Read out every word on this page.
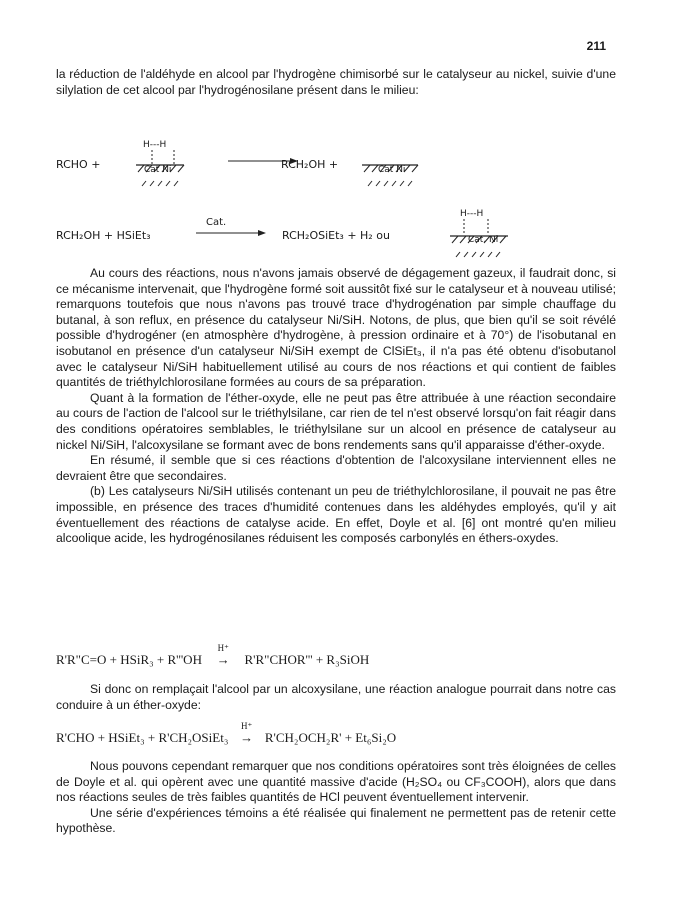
211

la réduction de l'aldéhyde en alcool par l'hydrogène chimisorbé sur le catalyseur au nickel, suivie d'une silylation de cet alcool par l'hydrogénosilane présent dans le milieu:

RCHO +
H---H
Cat Ni	RCH₂OH +	Cat Ni
RCH₂OH + HSiEt₃
Cat.
RCH₂OSiEt₃ + H₂ ou
H---H
Cat. Ni

Au cours des réactions, nous n'avons jamais observé de dégagement gazeux, il faudrait donc, si ce mécanisme intervenait, que l'hydrogène formé soit aussitôt fixé sur le catalyseur et à nouveau utilisé; remarquons toutefois que nous n'avons pas trouvé trace d'hydrogénation par simple chauffage du butanal, à son reflux, en présence du catalyseur Ni/SiH. Notons, de plus, que bien qu'il se soit révélé possible d'hydrogéner (en atmosphère d'hydrogène, à pression ordinaire et à 70°) de l'isobutanal en isobutanol en présence d'un catalyseur Ni/SiH exempt de ClSiEt₃, il n'a pas été obtenu d'isobutanol avec le catalyseur Ni/SiH habituellement utilisé au cours de nos réactions et qui contient de faibles quantités de triéthylchlorosilane formées au cours de sa préparation.

Quant à la formation de l'éther-oxyde, elle ne peut pas être attribuée à une réaction secondaire au cours de l'action de l'alcool sur le triéthylsilane, car rien de tel n'est observé lorsqu'on fait réagir dans des conditions opératoires semblables, le triéthylsilane sur un alcool en présence de catalyseur au nickel Ni/SiH, l'alcoxysilane se formant avec de bons rendements sans qu'il apparaisse d'éther-oxyde.

En résumé, il semble que si ces réactions d'obtention de l'alcoxysilane interviennent elles ne devraient être que secondaires.

(b) Les catalyseurs Ni/SiH utilisés contenant un peu de triéthylchlorosilane, il pouvait ne pas être impossible, en présence des traces d'humidité contenues dans les aldéhydes employés, qu'il y ait éventuellement des réactions de catalyse acide. En effet, Doyle et al. [6] ont montré qu'en milieu alcoolique acide, les hydrogénosilanes réduisent les composés carbonylés en éthers-oxydes.

R'R"C=O + HSiR₃ + R'''OH
H⁺
→ R'R"CHOR''' + R₃SiOH

Si donc on remplaçait l'alcool par un alcoxysilane, une réaction analogue pourrait dans notre cas conduire à un éther-oxyde:

R'CHO + HSiEt₃ + R'CH₂OSiEt₃
H⁺
→ R'CH₂OCH₂R' + Et₆Si₂O

Nous pouvons cependant remarquer que nos conditions opératoires sont très éloignées de celles de Doyle et al. qui opèrent avec une quantité massive d'acide (H₂SO₄ ou CF₃COOH), alors que dans nos réactions seules de très faibles quantités de HCl peuvent éventuellement intervenir.

Une série d'expériences témoins a été réalisée qui finalement ne permettent pas de retenir cette hypothèse.
